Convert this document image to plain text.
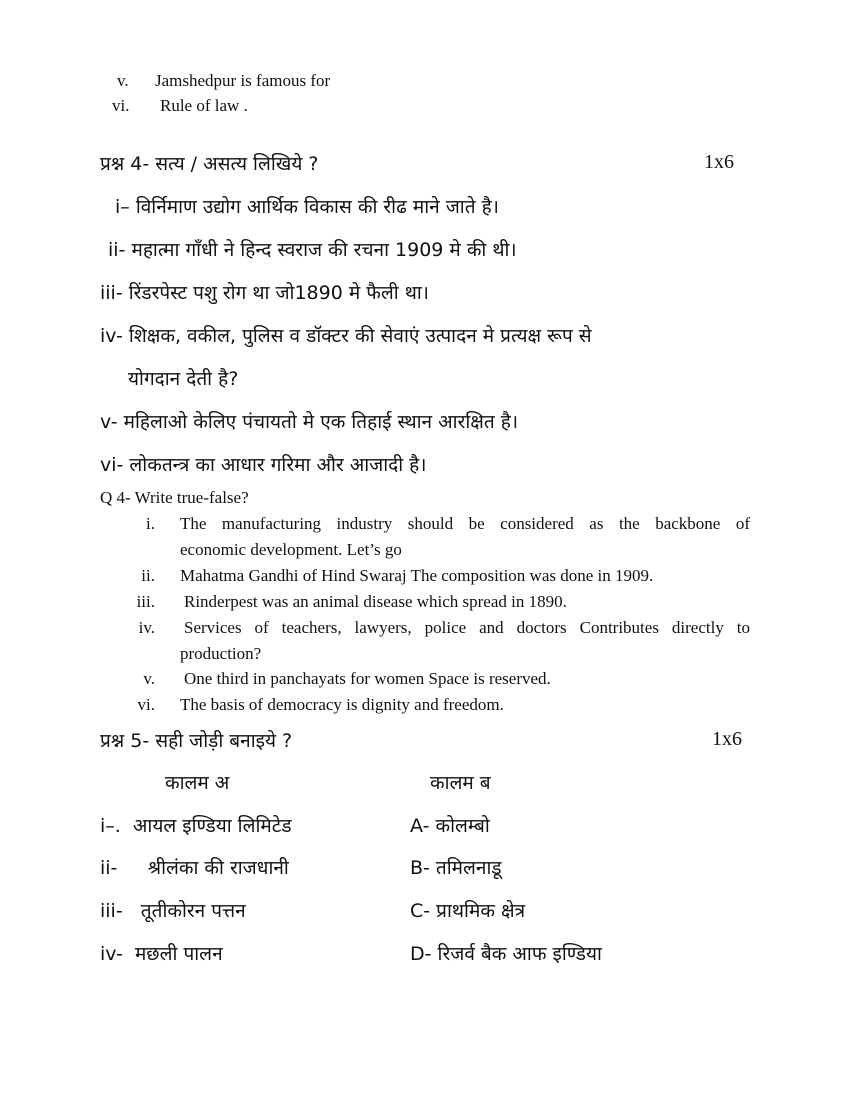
v. Jamshedpur is famous for
vi. Rule of law .
प्रश्न 4- सत्य / असत्य लिखिये ?	1x6
i– विर्निमाण उद्योग आर्थिक विकास की रीढ माने जाते है।
ii- महात्मा गाँधी ने हिन्द स्वराज की रचना 1909 मे की थी।
iii- रिंडरपेस्ट पशु रोग था जो1890 मे फैली था।
iv- शिक्षक, वकील, पुलिस व डॉक्टर की सेवाएं उत्पादन मे प्रत्यक्ष रूप से
योगदान देती है?
v- महिलाओ केलिए पंचायतो मे एक तिहाई स्थान आरक्षित है।
vi- लोकतन्त्र का आधार गरिमा और आजादी है।
Q 4- Write true-false?
i. The manufacturing industry should be considered as the backbone of
economic development. Let’s go
ii. Mahatma Gandhi of Hind Swaraj The composition was done in 1909.
iii. Rinderpest was an animal disease which spread in 1890.
iv. Services of teachers, lawyers, police and doctors Contributes directly to
production?
v. One third in panchayats for women Space is reserved.
vi. The basis of democracy is dignity and freedom.
प्रश्न 5- सही जोड़ी बनाइये ?	1x6
कालम अ	कालम ब
i–.  आयल इण्डिया लिमिटेड	A- कोलम्बो
ii-     श्रीलंका की राजधानी	B- तमिलनाडू
iii-   तूतीकोरन पत्तन	C- प्राथमिक क्षेत्र
iv-  मछली पालन	D- रिजर्व बैक आफ इण्डिया
